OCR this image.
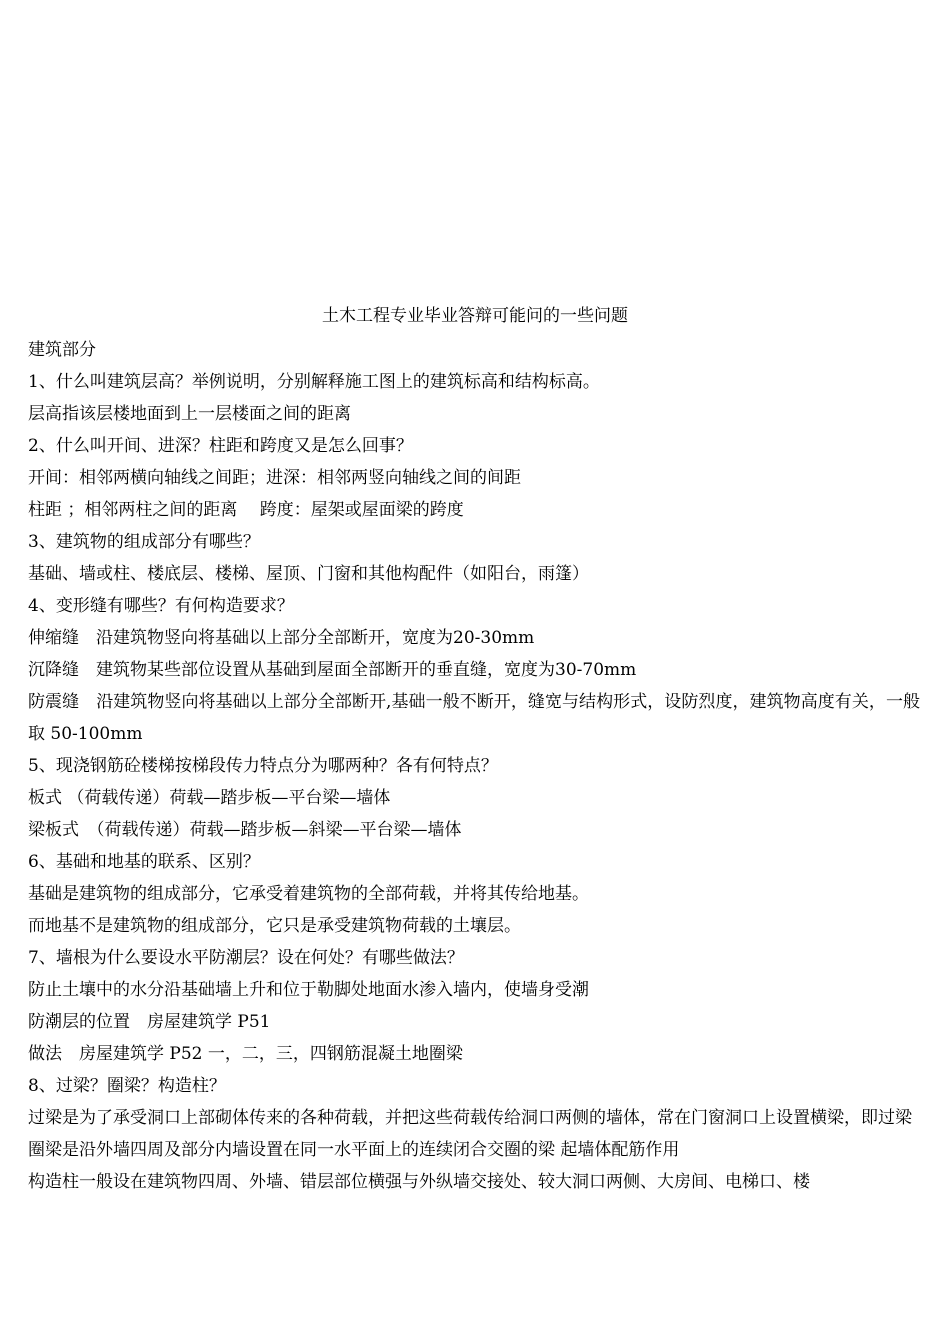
土木工程专业毕业答辩可能问的一些问题

建筑部分

1、什么叫建筑层高？举例说明，分别解释施工图上的建筑标高和结构标高。

层高指该层楼地面到上一层楼面之间的距离

2、什么叫开间、进深？柱距和跨度又是怎么回事？

开间：相邻两横向轴线之间距；进深：相邻两竖向轴线之间的间距

柱距 ；相邻两柱之间的距离　 跨度：屋架或屋面梁的跨度

3、建筑物的组成部分有哪些？

基础、墙或柱、楼底层、楼梯、屋顶、门窗和其他构配件（如阳台，雨篷）

4、变形缝有哪些？有何构造要求？

伸缩缝　沿建筑物竖向将基础以上部分全部断开，宽度为20-30mm

沉降缝　建筑物某些部位设置从基础到屋面全部断开的垂直缝，宽度为30-70mm

防震缝　沿建筑物竖向将基础以上部分全部断开,基础一般不断开，缝宽与结构形式，设防烈度，建筑物高度有关，一般取 50-100mm

5、现浇钢筋砼楼梯按梯段传力特点分为哪两种？各有何特点？

板式 （荷载传递）荷载—踏步板—平台梁—墙体

梁板式　（荷载传递）荷载—踏步板—斜梁—平台梁—墙体

6、基础和地基的联系、区别？

基础是建筑物的组成部分，它承受着建筑物的全部荷载，并将其传给地基。

而地基不是建筑物的组成部分，它只是承受建筑物荷载的土壤层。

7、墙根为什么要设水平防潮层？设在何处？有哪些做法？

防止土壤中的水分沿基础墙上升和位于勒脚处地面水渗入墙内，使墙身受潮

防潮层的位置　房屋建筑学 P51

做法　房屋建筑学 P52 一，二，三，四钢筋混凝土地圈梁

8、过梁？圈梁？构造柱？

过梁是为了承受洞口上部砌体传来的各种荷载，并把这些荷载传给洞口两侧的墙体，常在门窗洞口上设置横梁，即过梁

圈梁是沿外墙四周及部分内墙设置在同一水平面上的连续闭合交圈的梁 起墙体配筋作用

构造柱一般设在建筑物四周、外墙、错层部位横强与外纵墙交接处、较大洞口两侧、大房间、电梯口、楼
